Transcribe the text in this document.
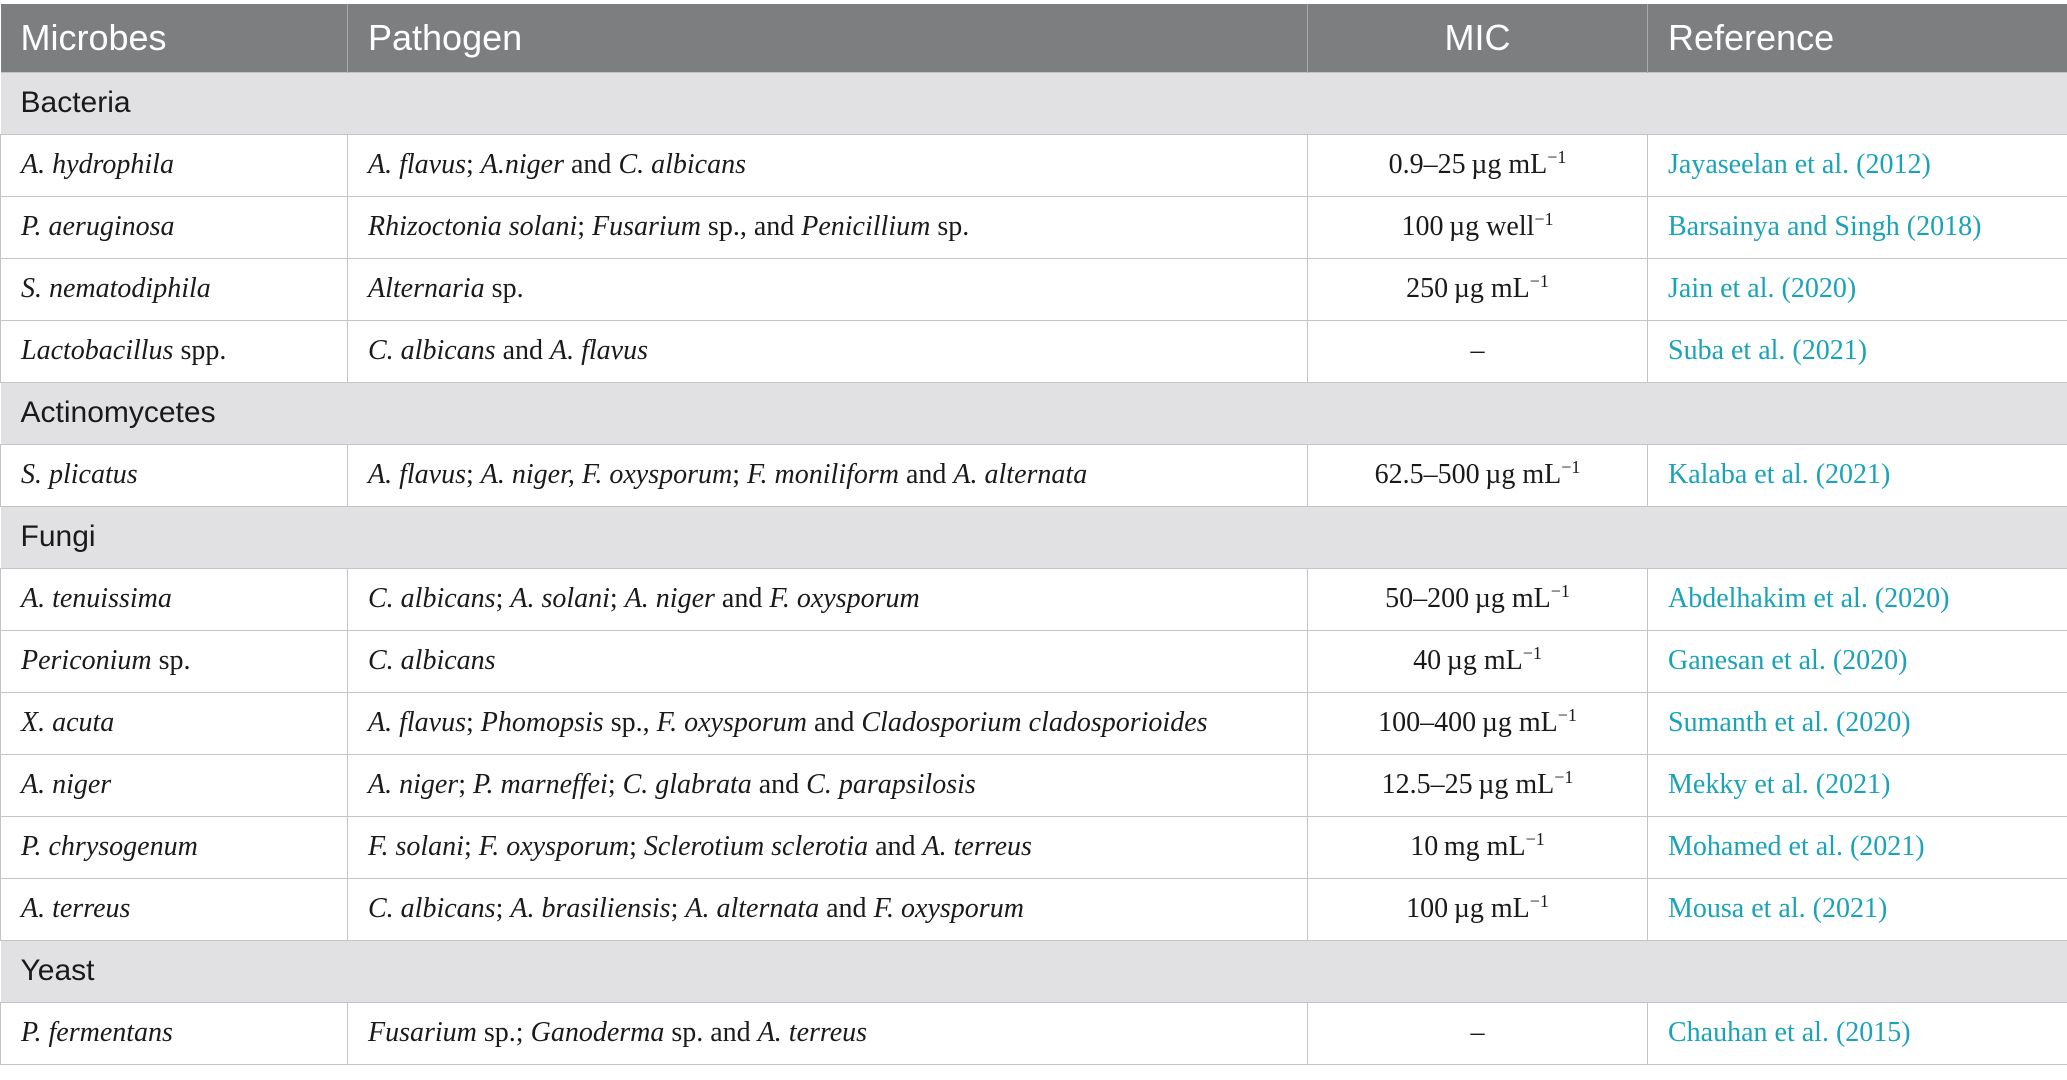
Microbes	Pathogen	MIC	Reference
Bacteria			
A. hydrophila	A. flavus; A.niger and C. albicans	0.9–25 µg $mL^{-1}$	Jayaseelan et al. (2012)
P. aeruginosa	Rhizoctonia solani; Fusarium sp., and Penicillium sp.	100 µg well$^{-1}$	Barsainya and Singh (2018)
S. nematodiphila	Alternaria sp.	250 µg $mL^{-1}$	Jain et al. (2020)
Lactobacillus spp.	C. albicans and A. flavus	–	Suba et al. (2021)
Actinomycetes			
S. plicatus	A. flavus; A. niger, F. oxysporum; F. moniliform and A. alternata	62.5–500 µg $mL^{-1}$	Kalaba et al. (2021)
Fungi			
A. tenuissima	C. albicans; A. solani; A. niger and F. oxysporum	50–200 µg $mL^{-1}$	Abdelhakim et al. (2020)
Periconium sp.	C. albicans	40 µg $mL^{-1}$	Ganesan et al. (2020)
X. acuta	A. flavus; Phomopsis sp., F. oxysporum and Cladosporium cladosporioides	100–400 µg $mL^{-1}$	Sumanth et al. (2020)
A. niger	A. niger; P. marneffei; C. glabrata and C. parapsilosis	12.5–25 µg $mL^{-1}$	Mekky et al. (2021)
P. chrysogenum	F. solani; F. oxysporum; Sclerotium sclerotia and A. terreus	10 mg $mL^{-1}$	Mohamed et al. (2021)
A. terreus	C. albicans; A. brasiliensis; A. alternata and F. oxysporum	100 µg $mL^{-1}$	Mousa et al. (2021)
Yeast			
P. fermentans	Fusarium sp.; Ganoderma sp. and A. terreus	–	Chauhan et al. (2015)
